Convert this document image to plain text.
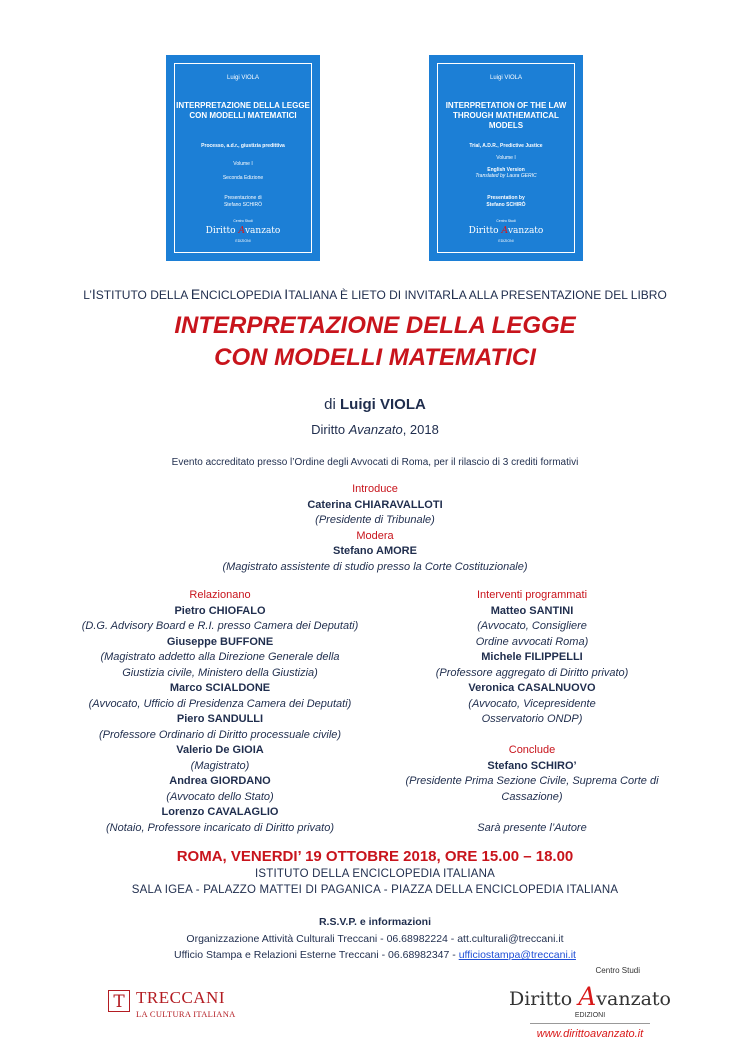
Luigi VIOLA
INTERPRETAZIONE DELLA LEGGE CON MODELLI MATEMATICI
Processo, a.d.r., giustizia predittiva
Volume I
Seconda Edizione
Presentazione di
Stefano SCHIRÒ
Centro Studi
Diritto Avanzato
EDIZIONI
Luigi VIOLA
INTERPRETATION OF THE LAW THROUGH MATHEMATICAL MODELS
Trial, A.D.R., Predictive Justice
Volume I
English Version
Translated by Laura GERIC
Presentation by
Stefano SCHIRÒ
Centro Studi
Diritto Avanzato
EDIZIONI
L’ISTITUTO DELLA ENCICLOPEDIA ITALIANA È LIETO DI INVITARLA ALLA PRESENTAZIONE DEL LIBRO
INTERPRETAZIONE DELLA LEGGE
CON MODELLI MATEMATICI
di Luigi VIOLA
Diritto Avanzato, 2018
Evento accreditato presso l’Ordine degli Avvocati di Roma, per il rilascio di 3 crediti formativi
Introduce
Caterina CHIARAVALLOTI
(Presidente di Tribunale)
Modera
Stefano AMORE
(Magistrato assistente di studio presso la Corte Costituzionale)
Relazionano
Pietro CHIOFALO
(D.G. Advisory Board e R.I. presso Camera dei Deputati)
Giuseppe BUFFONE
(Magistrato addetto alla Direzione Generale della
Giustizia civile, Ministero della Giustizia)
Marco SCIALDONE
(Avvocato, Ufficio di Presidenza Camera dei Deputati)
Piero SANDULLI
(Professore Ordinario di Diritto processuale civile)
Valerio De GIOIA
(Magistrato)
Andrea GIORDANO
(Avvocato dello Stato)
Lorenzo CAVALAGLIO
(Notaio, Professore incaricato di Diritto privato)
Interventi programmati
Matteo SANTINI
(Avvocato, Consigliere
Ordine avvocati Roma)
Michele FILIPPELLI
(Professore aggregato di Diritto privato)
Veronica CASALNUOVO
(Avvocato, Vicepresidente
Osservatorio ONDP)
Conclude
Stefano SCHIRO’
(Presidente Prima Sezione Civile, Suprema Corte di
Cassazione)
Sarà presente l’Autore
ROMA, VENERDI’ 19 OTTOBRE 2018, ORE 15.00 – 18.00
ISTITUTO DELLA ENCICLOPEDIA ITALIANA
SALA IGEA - PALAZZO MATTEI DI PAGANICA - PIAZZA DELLA ENCICLOPEDIA ITALIANA
R.S.V.P. e informazioni
Organizzazione Attività Culturali Treccani - 06.68982224 - att.culturali@treccani.it
Ufficio Stampa e Relazioni Esterne Treccani - 06.68982347 - ufficiostampa@treccani.it
T TRECCANI
LA CULTURA ITALIANA
Centro Studi
Diritto Avanzato
EDIZIONI
www.dirittoavanzato.it
